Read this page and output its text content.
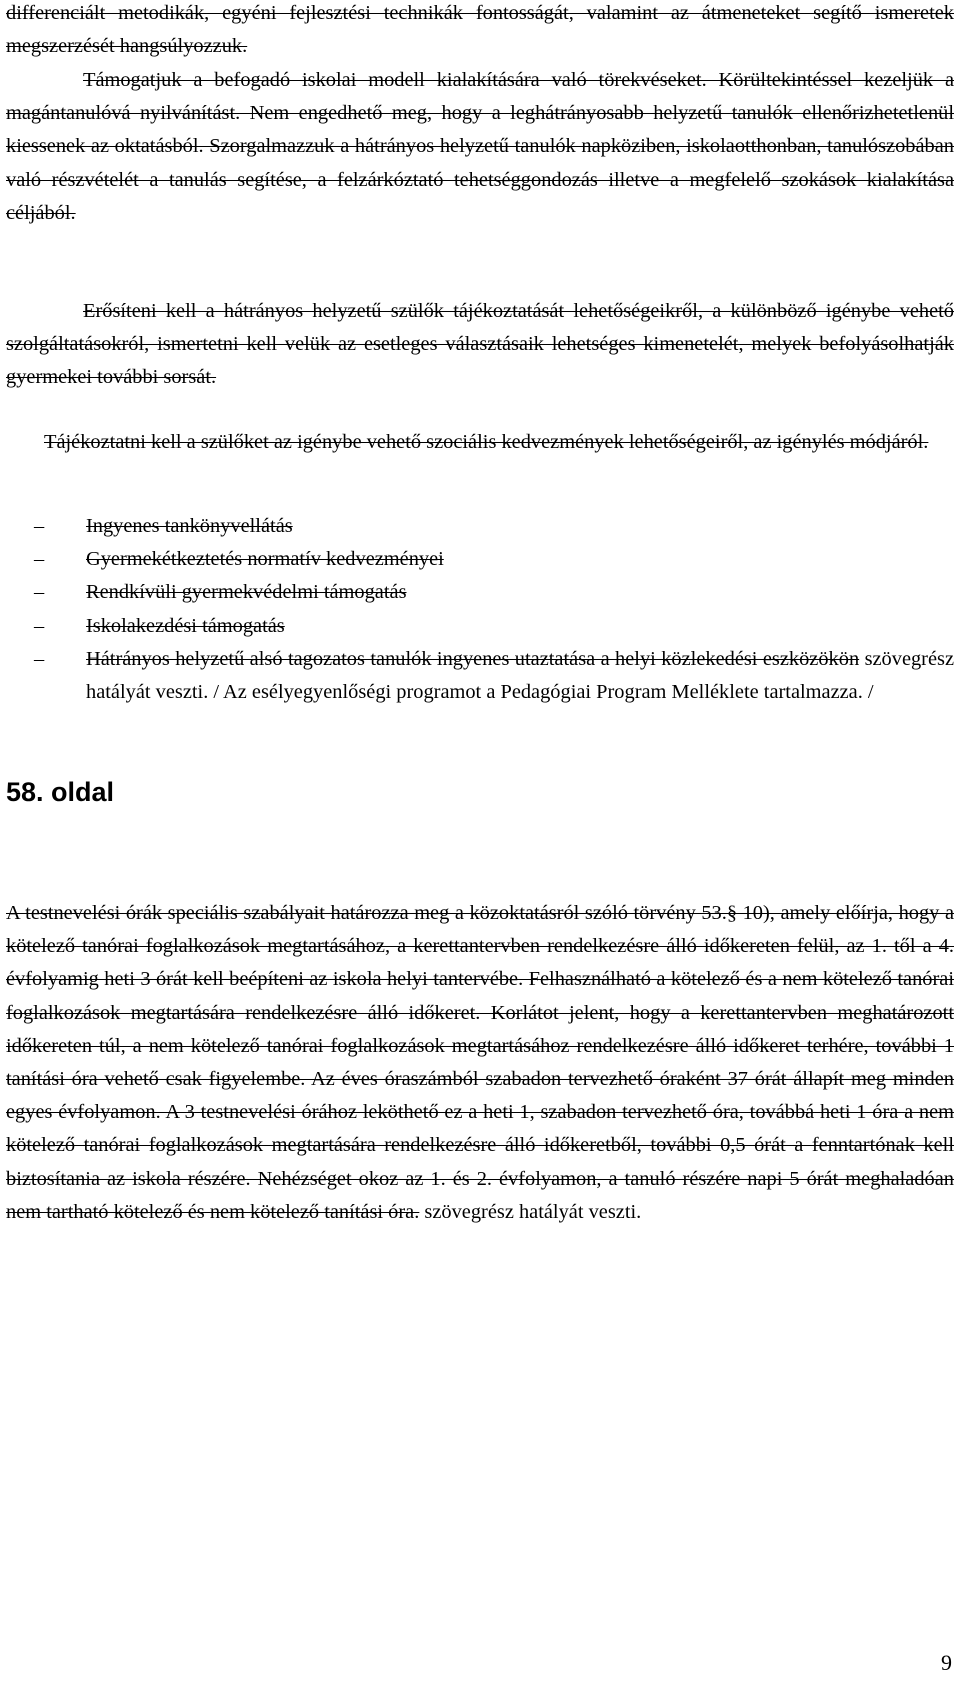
differenciált metodikák, egyéni fejlesztési technikák fontosságát, valamint az átmeneteket segítő ismeretek megszerzését hangsúlyozzuk.

Támogatjuk a befogadó iskolai modell kialakítására való törekvéseket. Körültekintéssel kezeljük a magántanulóvá nyilvánítást. Nem engedhető meg, hogy a leghátrányosabb helyzetű tanulók ellenőrizhetetlenül kiessenek az oktatásból. Szorgalmazzuk a hátrányos helyzetű tanulók napköziben, iskolaotthonban, tanulószobában való részvételét a tanulás segítése, a felzárkóztató tehetséggondozás illetve a megfelelő szokások kialakítása céljából.

Erősíteni kell a hátrányos helyzetű szülők tájékoztatását lehetőségeikről, a különböző igénybe vehető szolgáltatásokról, ismertetni kell velük az esetleges választásaik lehetséges kimenetelét, melyek befolyásolhatják gyermekei további sorsát.

Tájékoztatni kell a szülőket az igénybe vehető szociális kedvezmények lehetőségeiről, az igénylés módjáról.

– Ingyenes tankönyvellátás
– Gyermekétkeztetés normatív kedvezményei
– Rendkívüli gyermekvédelmi támogatás
– Iskolakezdési támogatás
– Hátrányos helyzetű alsó tagozatos tanulók ingyenes utaztatása a helyi közlekedési eszközökön szövegrész hatályát veszti. / Az esélyegyenlőségi programot a Pedagógiai Program Melléklete tartalmazza. /

58. oldal

A testnevelési órák speciális szabályait határozza meg a közoktatásról szóló törvény 53.§ 10), amely előírja, hogy a kötelező tanórai foglalkozások megtartásához, a kerettantervben rendelkezésre álló időkereten felül, az 1. től a 4. évfolyamig heti 3 órát kell beépíteni az iskola helyi tantervébe. Felhasználható a kötelező és a nem kötelező tanórai foglalkozások megtartására rendelkezésre álló időkeret. Korlátot jelent, hogy a kerettantervben meghatározott időkereten túl, a nem kötelező tanórai foglalkozások megtartásához rendelkezésre álló időkeret terhére, további 1 tanítási óra vehető csak figyelembe. Az éves óraszámból szabadon tervezhető óraként 37 órát állapít meg minden egyes évfolyamon. A 3 testnevelési órához leköthető ez a heti 1, szabadon tervezhető óra, továbbá heti 1 óra a nem kötelező tanórai foglalkozások megtartására rendelkezésre álló időkeretből, további 0,5 órát a fenntartónak kell biztosítania az iskola részére. Nehézséget okoz az 1. és 2. évfolyamon, a tanuló részére napi 5 órát meghaladóan nem tartható kötelező és nem kötelező tanítási óra. szövegrész hatályát veszti.

9
